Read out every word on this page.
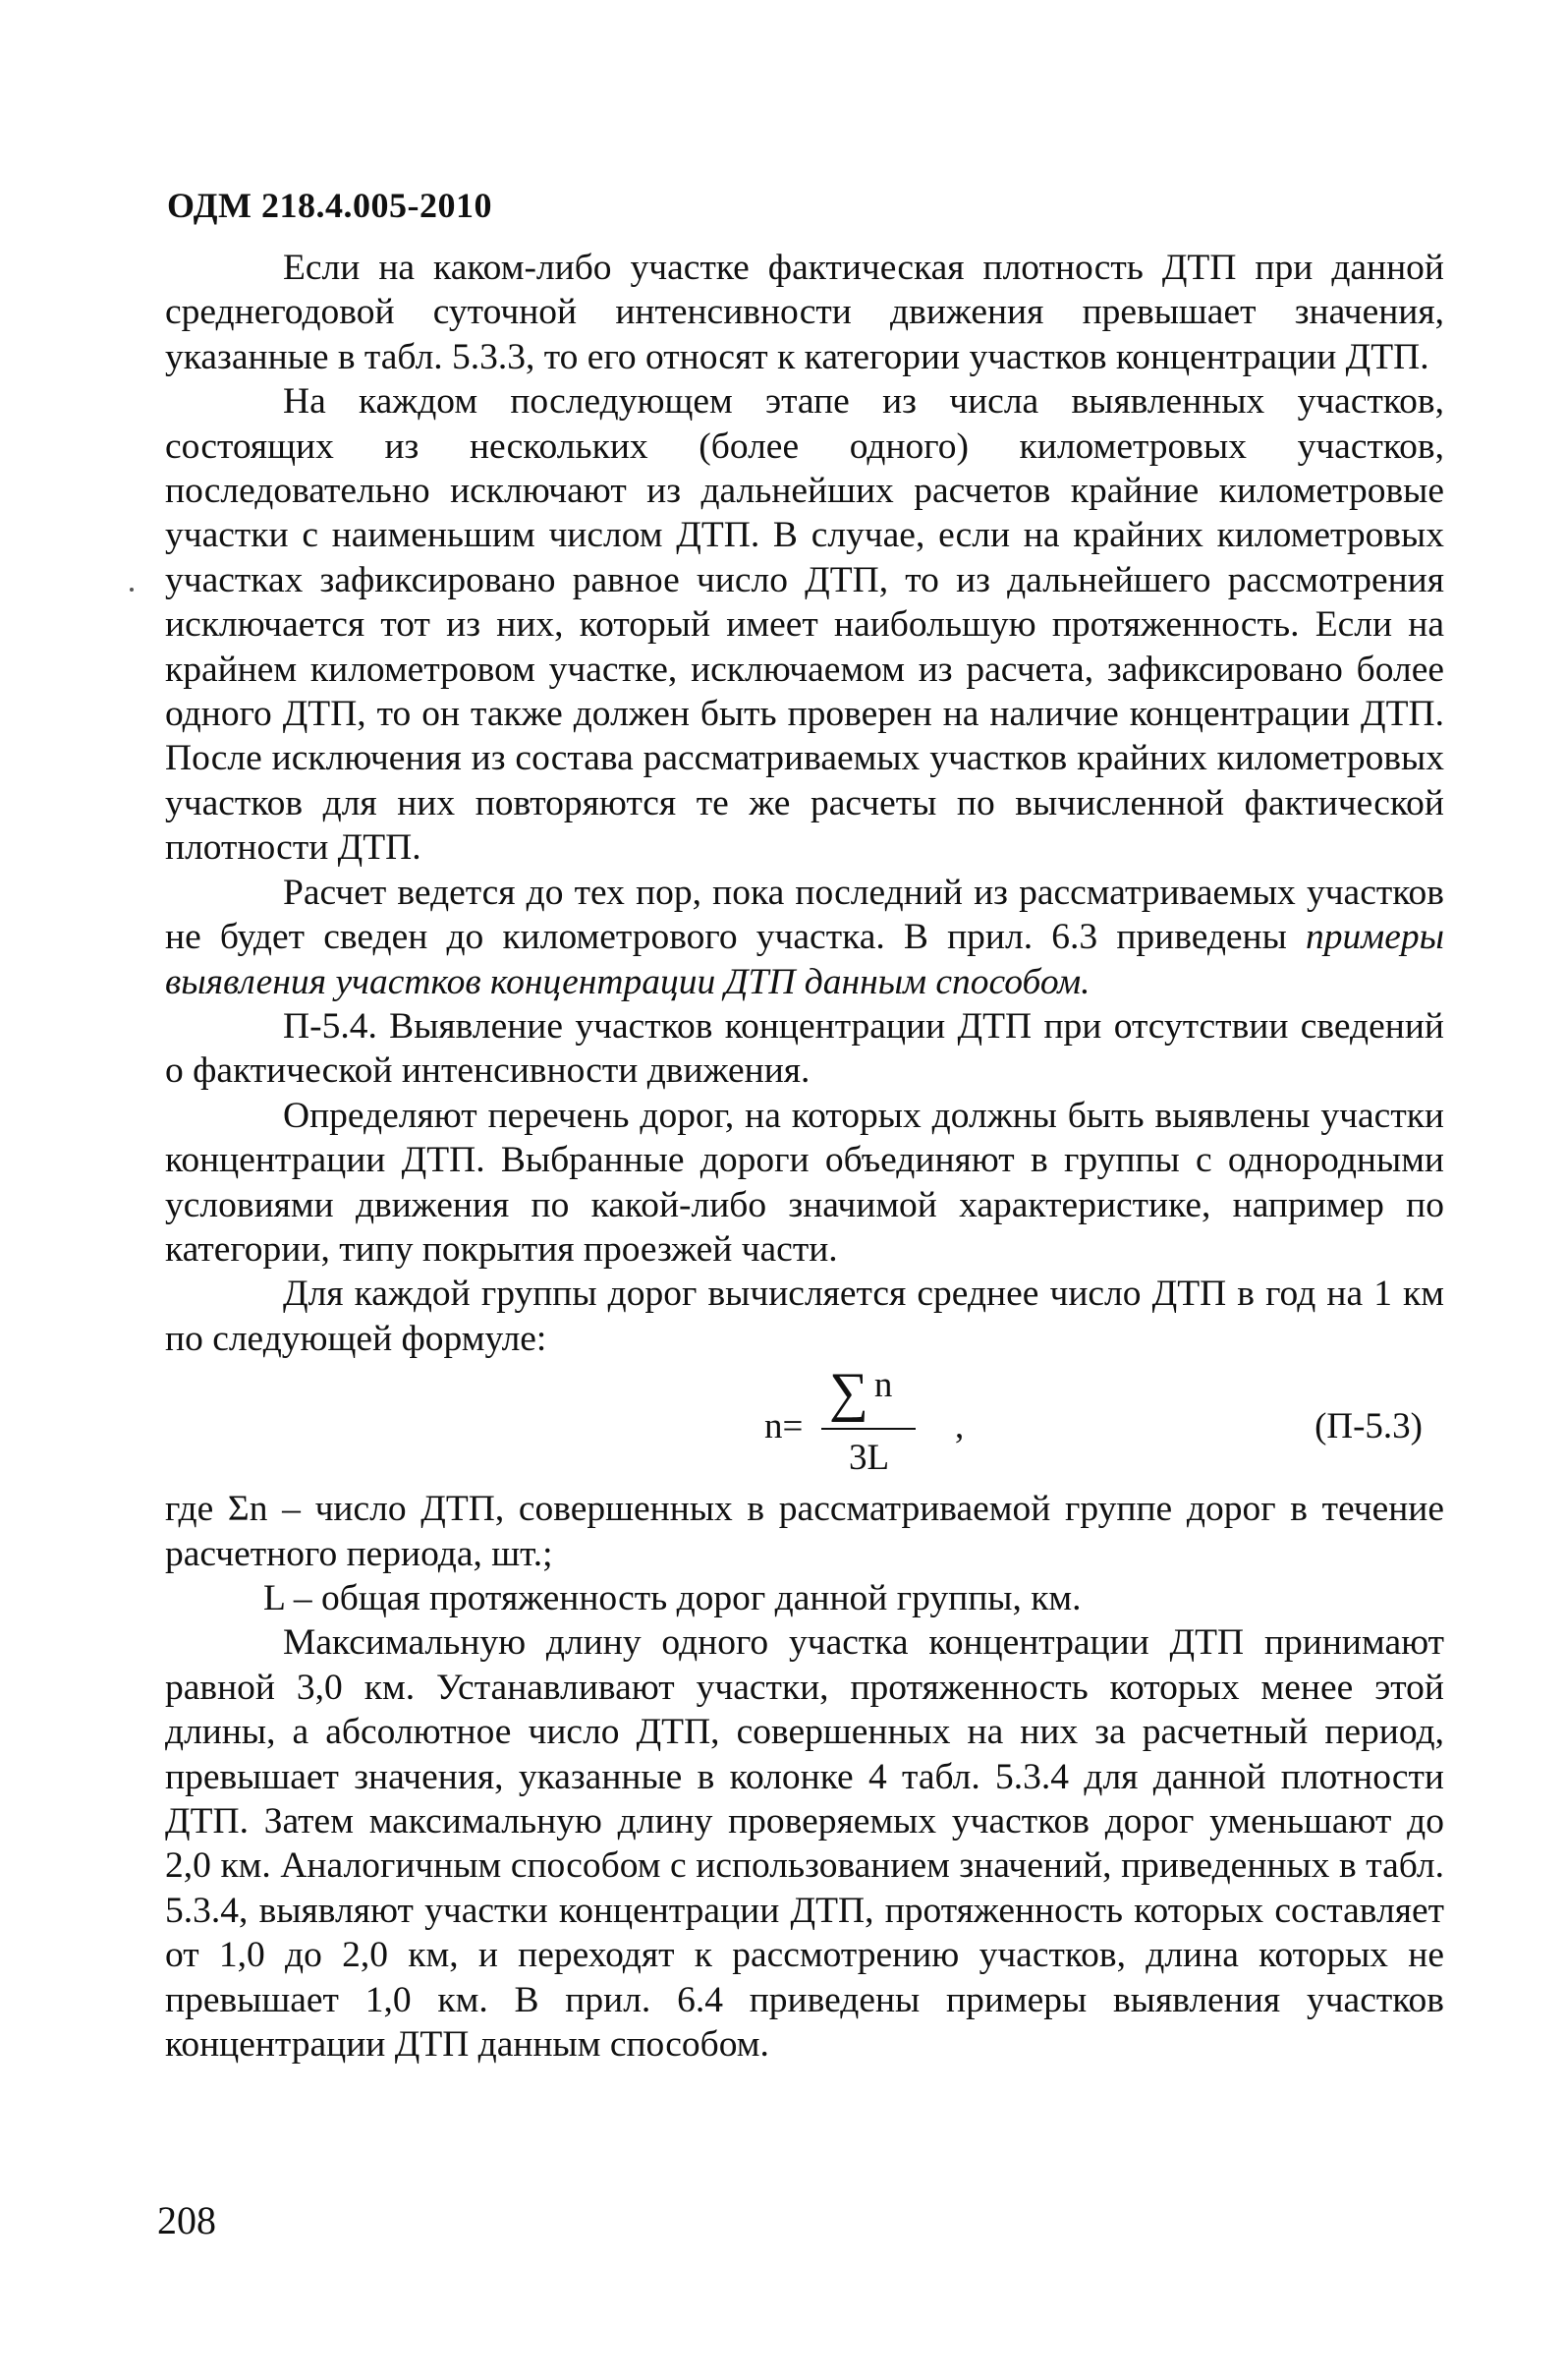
ОДМ 218.4.005-2010

Если на каком-либо участке фактическая плотность ДТП при данной среднегодовой суточной интенсивности движения превышает значения, указанные в табл. 5.3.3, то его относят к категории участков концентрации ДТП.

На каждом последующем этапе из числа выявленных участков, состоящих из нескольких (более одного) километровых участков, последовательно исключают из дальнейших расчетов крайние километровые участки с наименьшим числом ДТП. В случае, если на крайних километровых участках зафиксировано равное число ДТП, то из дальнейшего рассмотрения исключается тот из них, который имеет наибольшую протяженность. Если на крайнем километровом участке, исключаемом из расчета, зафиксировано более одного ДТП, то он также должен быть проверен на наличие концентрации ДТП. После исключения из состава рассматриваемых участков крайних километровых участков для них повторяются те же расчеты по вычисленной фактической плотности ДТП.

Расчет ведется до тех пор, пока последний из рассматриваемых участков не будет сведен до километрового участка. В прил. 6.3 приведены примеры выявления участков концентрации ДТП данным способом.

П-5.4. Выявление участков концентрации ДТП при отсутствии сведений о фактической интенсивности движения.

Определяют перечень дорог, на которых должны быть выявлены участки концентрации ДТП. Выбранные дороги объединяют в группы с однородными условиями движения по какой-либо значимой характеристике, например по категории, типу покрытия проезжей части.

Для каждой группы дорог вычисляется среднее число ДТП в год на 1 км по следующей формуле:

n=
∑ n
3L
,	(П-5.3)

где Σn – число ДТП, совершенных в рассматриваемой группе дорог в течение расчетного периода, шт.;

L – общая протяженность дорог данной группы, км.

Максимальную длину одного участка концентрации ДТП принимают равной 3,0 км. Устанавливают участки, протяженность которых менее этой длины, а абсолютное число ДТП, совершенных на них за расчетный период, превышает значения, указанные в колонке 4 табл. 5.3.4 для данной плотности ДТП. Затем максимальную длину проверяемых участков дорог уменьшают до 2,0 км. Аналогичным способом с использованием значений, приведенных в табл. 5.3.4, выявляют участки концентрации ДТП, протяженность которых составляет от 1,0 до 2,0 км, и переходят к рассмотрению участков, длина которых не превышает 1,0 км. В прил. 6.4 приведены примеры выявления участков концентрации ДТП данным способом.

208
